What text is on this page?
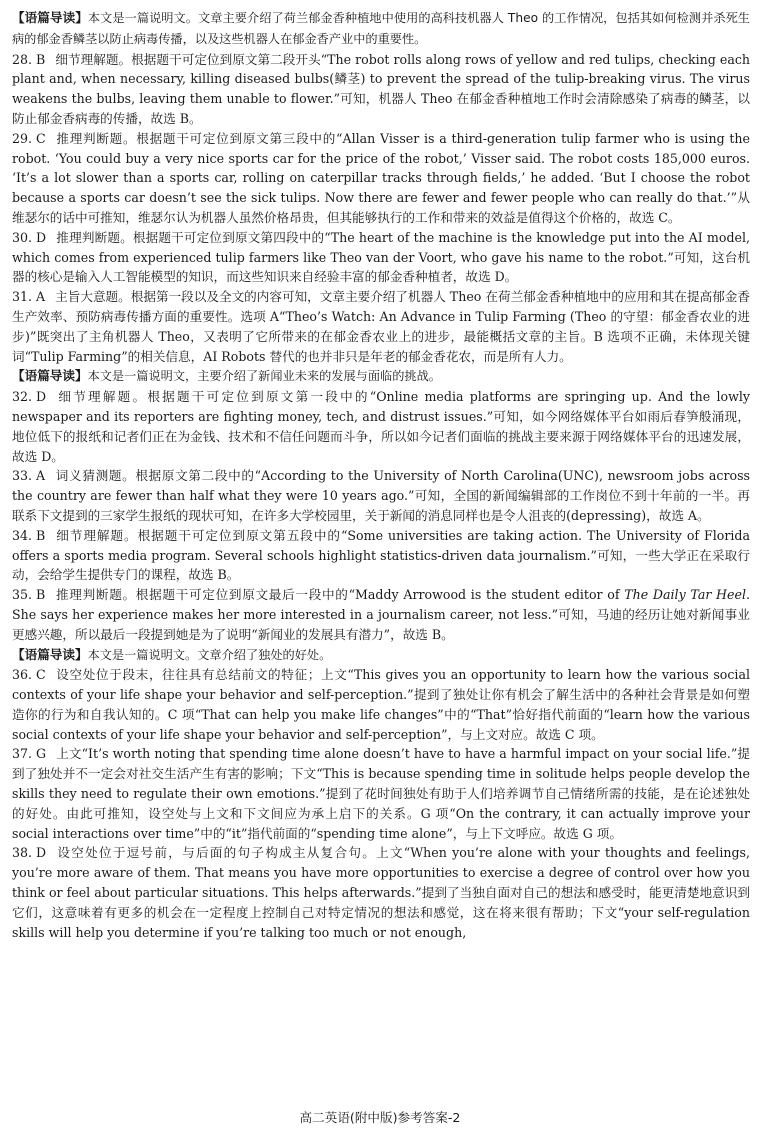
【语篇导读】本文是一篇说明文。文章主要介绍了荷兰郁金香种植地中使用的高科技机器人 Theo 的工作情况，包括其如何检测并杀死生病的郁金香鳞茎以防止病毒传播，以及这些机器人在郁金香产业中的重要性。

28. B 细节理解题。根据题干可定位到原文第二段开头“The robot rolls along rows of yellow and red tulips, checking each plant and, when necessary, killing diseased bulbs(鳞茎) to prevent the spread of the tulip-breaking virus. The virus weakens the bulbs, leaving them unable to flower.”可知，机器人 Theo 在郁金香种植地工作时会清除感染了病毒的鳞茎，以防止郁金香病毒的传播，故选 B。

29. C 推理判断题。根据题干可定位到原文第三段中的“Allan Visser is a third-generation tulip farmer who is using the robot. ‘You could buy a very nice sports car for the price of the robot,’ Visser said. The robot costs 185,000 euros. ‘It’s a lot slower than a sports car, rolling on caterpillar tracks through fields,’ he added. ‘But I choose the robot because a sports car doesn’t see the sick tulips. Now there are fewer and fewer people who can really do that.’”从维瑟尔的话中可推知，维瑟尔认为机器人虽然价格昂贵，但其能够执行的工作和带来的效益是值得这个价格的，故选 C。

30. D 推理判断题。根据题干可定位到原文第四段中的“The heart of the machine is the knowledge put into the AI model, which comes from experienced tulip farmers like Theo van der Voort, who gave his name to the robot.”可知，这台机器的核心是输入人工智能模型的知识，而这些知识来自经验丰富的郁金香种植者，故选 D。

31. A 主旨大意题。根据第一段以及全文的内容可知，文章主要介绍了机器人 Theo 在荷兰郁金香种植地中的应用和其在提高郁金香生产效率、预防病毒传播方面的重要性。选项 A“Theo’s Watch: An Advance in Tulip Farming (Theo 的守望：郁金香农业的进步)”既突出了主角机器人 Theo，又表明了它所带来的在郁金香农业上的进步，最能概括文章的主旨。B 选项不正确，未体现关键词“Tulip Farming”的相关信息，AI Robots 替代的也并非只是年老的郁金香花农，而是所有人力。

【语篇导读】本文是一篇说明文，主要介绍了新闻业未来的发展与面临的挑战。

32. D 细节理解题。根据题干可定位到原文第一段中的“Online media platforms are springing up. And the lowly newspaper and its reporters are fighting money, tech, and distrust issues.”可知，如今网络媒体平台如雨后春笋般涌现，地位低下的报纸和记者们正在为金钱、技术和不信任问题而斗争，所以如今记者们面临的挑战主要来源于网络媒体平台的迅速发展，故选 D。

33. A 词义猜测题。根据原文第二段中的“According to the University of North Carolina(UNC), newsroom jobs across the country are fewer than half what they were 10 years ago.”可知，全国的新闻编辑部的工作岗位不到十年前的一半。再联系下文提到的三家学生报纸的现状可知，在许多大学校园里，关于新闻的消息同样也是令人沮丧的(depressing)，故选 A。

34. B 细节理解题。根据题干可定位到原文第五段中的“Some universities are taking action. The University of Florida offers a sports media program. Several schools highlight statistics-driven data journalism.”可知，一些大学正在采取行动，会给学生提供专门的课程，故选 B。

35. B 推理判断题。根据题干可定位到原文最后一段中的“Maddy Arrowood is the student editor of The Daily Tar Heel. She says her experience makes her more interested in a journalism career, not less.”可知，马迪的经历让她对新闻事业更感兴趣，所以最后一段提到她是为了说明“新闻业的发展具有潜力”，故选 B。

【语篇导读】本文是一篇说明文。文章介绍了独处的好处。

36. C 设空处位于段末，往往具有总结前文的特征；上文“This gives you an opportunity to learn how the various social contexts of your life shape your behavior and self-perception.”提到了独处让你有机会了解生活中的各种社会背景是如何塑造你的行为和自我认知的。C 项“That can help you make life changes”中的“That”恰好指代前面的“learn how the various social contexts of your life shape your behavior and self-perception”，与上文对应。故选 C 项。

37. G 上文“It’s worth noting that spending time alone doesn’t have to have a harmful impact on your social life.”提到了独处并不一定会对社交生活产生有害的影响；下文“This is because spending time in solitude helps people develop the skills they need to regulate their own emotions.”提到了花时间独处有助于人们培养调节自己情绪所需的技能，是在论述独处的好处。由此可推知，设空处与上文和下文间应为承上启下的关系。G 项“On the contrary, it can actually improve your social interactions over time”中的“it”指代前面的“spending time alone”，与上下文呼应。故选 G 项。

38. D 设空处位于逗号前，与后面的句子构成主从复合句。上文“When you’re alone with your thoughts and feelings, you’re more aware of them. That means you have more opportunities to exercise a degree of control over how you think or feel about particular situations. This helps afterwards.”提到了当独自面对自己的想法和感受时，能更清楚地意识到它们，这意味着有更多的机会在一定程度上控制自己对特定情况的想法和感觉，这在将来很有帮助；下文“your self-regulation skills will help you determine if you’re talking too much or not enough,

高二英语(附中版)参考答案-2
